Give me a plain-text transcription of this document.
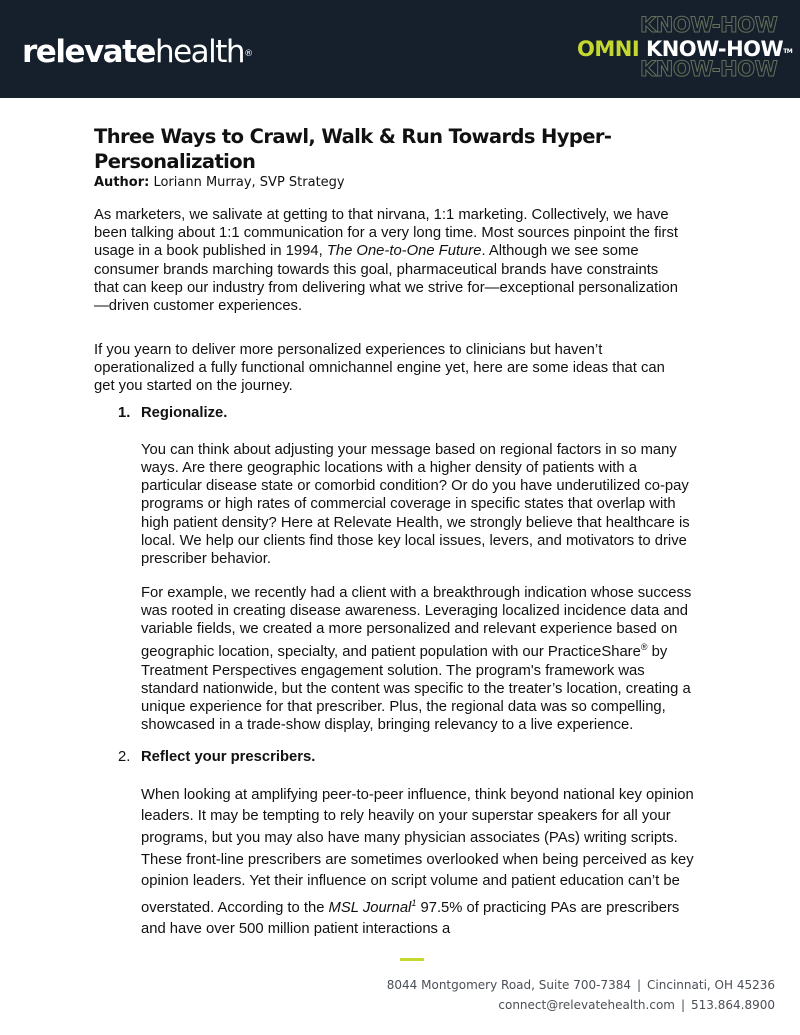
relevatehealth®
KNOW-HOW
KNOW-HOW
OMNI KNOW-HOW™
Three Ways to Crawl, Walk & Run Towards Hyper-Personalization

Author: Loriann Murray, SVP Strategy

As marketers, we salivate at getting to that nirvana, 1:1 marketing. Collectively, we have been talking about 1:1 communication for a very long time. Most sources pinpoint the first usage in a book published in 1994, The One-to-One Future. Although we see some consumer brands marching towards this goal, pharmaceutical brands have constraints that can keep our industry from delivering what we strive for—exceptional personalization—driven customer experiences.

If you yearn to deliver more personalized experiences to clinicians but haven’t operationalized a fully functional omnichannel engine yet, here are some ideas that can get you started on the journey.

1. Regionalize.

You can think about adjusting your message based on regional factors in so many ways. Are there geographic locations with a higher density of patients with a particular disease state or comorbid condition? Or do you have underutilized co-pay programs or high rates of commercial coverage in specific states that overlap with high patient density? Here at Relevate Health, we strongly believe that healthcare is local. We help our clients find those key local issues, levers, and motivators to drive prescriber behavior.

For example, we recently had a client with a breakthrough indication whose success was rooted in creating disease awareness. Leveraging localized incidence data and variable fields, we created a more personalized and relevant experience based on geographic location, specialty, and patient population with our PracticeShare® by Treatment Perspectives engagement solution. The program's framework was standard nationwide, but the content was specific to the treater’s location, creating a unique experience for that prescriber. Plus, the regional data was so compelling, showcased in a trade-show display, bringing relevancy to a live experience.

2. Reflect your prescribers.

When looking at amplifying peer-to-peer influence, think beyond national key opinion leaders. It may be tempting to rely heavily on your superstar speakers for all your programs, but you may also have many physician associates (PAs) writing scripts. These front-line prescribers are sometimes overlooked when being perceived as key opinion leaders. Yet their influence on script volume and patient education can’t be overstated. According to the MSL Journal$^1$ 97.5% of practicing PAs are prescribers and have over 500 million patient interactions a

8044 Montgomery Road, Suite 700-7384 | Cincinnati, OH 45236
connect@relevatehealth.com | 513.864.8900
